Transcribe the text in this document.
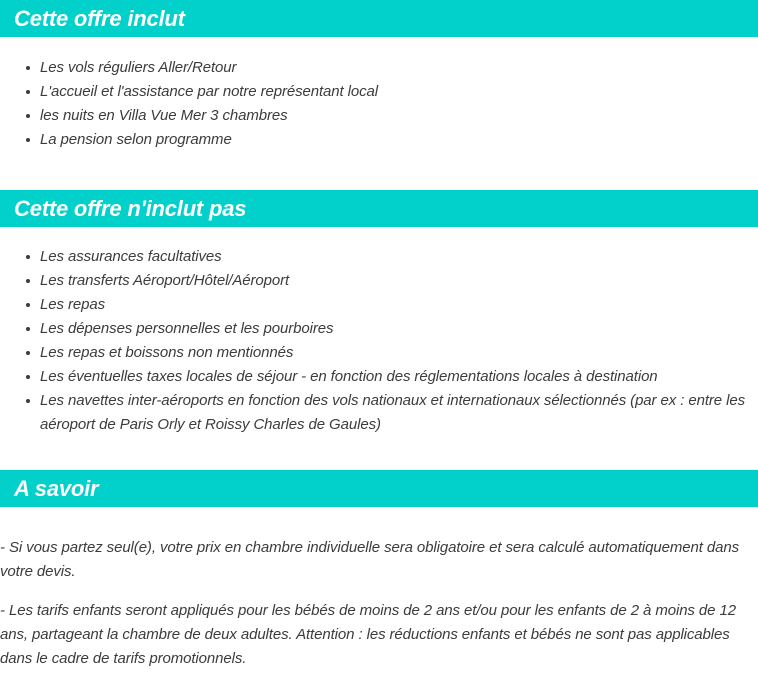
Cette offre inclut
Les vols réguliers Aller/Retour
L'accueil et l'assistance par notre représentant local
les nuits en Villa Vue Mer 3 chambres
La pension selon programme
Cette offre n'inclut pas
Les assurances facultatives
Les transferts Aéroport/Hôtel/Aéroport
Les repas
Les dépenses personnelles et les pourboires
Les repas et boissons non mentionnés
Les éventuelles taxes locales de séjour - en fonction des réglementations locales à destination
Les navettes inter-aéroports en fonction des vols nationaux et internationaux sélectionnés (par ex : entre les aéroport de Paris Orly et Roissy Charles de Gaules)
A savoir

- Si vous partez seul(e), votre prix en chambre individuelle sera obligatoire et sera calculé automatiquement dans votre devis.

- Les tarifs enfants seront appliqués pour les bébés de moins de 2 ans et/ou pour les enfants de 2 à moins de 12 ans, partageant la chambre de deux adultes. Attention : les réductions enfants et bébés ne sont pas applicables dans le cadre de tarifs promotionnels.
